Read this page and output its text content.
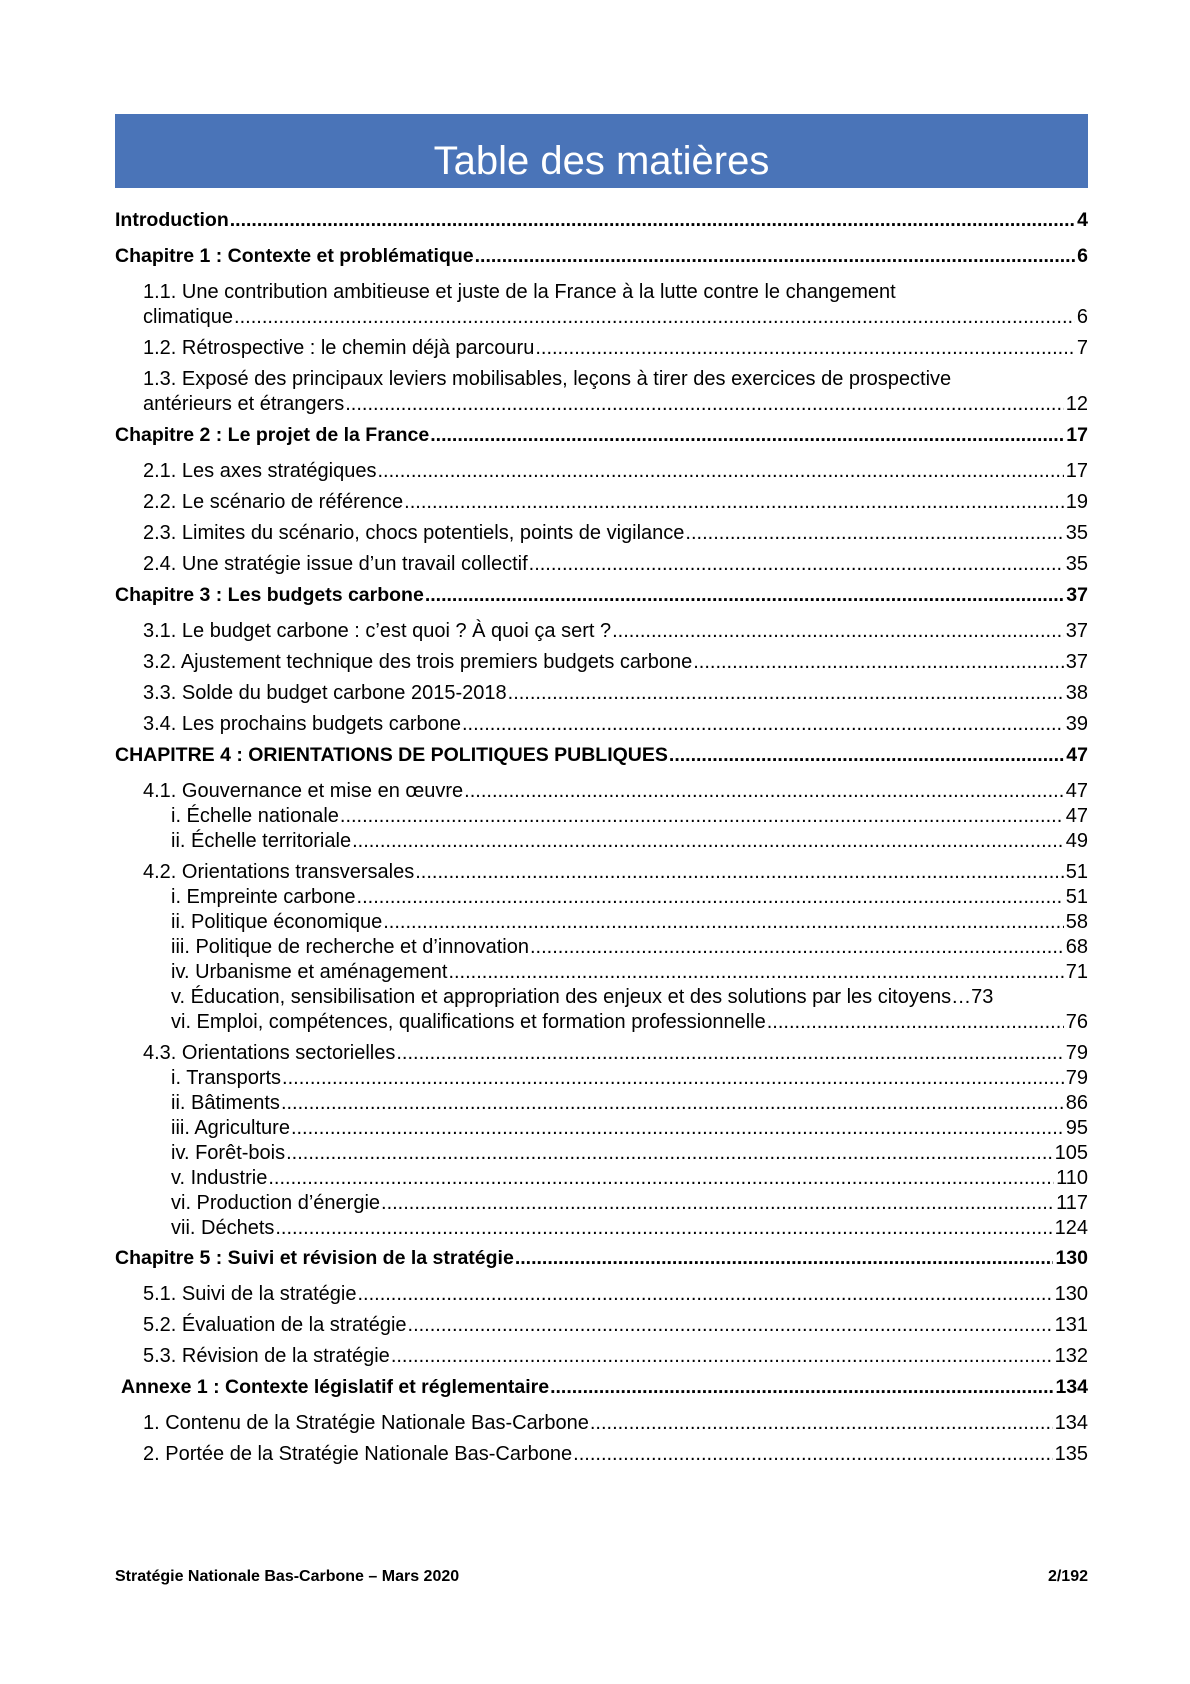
Table des matières
Introduction .....	4
Chapitre 1 : Contexte et problématique .....	6
1.1. Une contribution ambitieuse et juste de la France à la lutte contre le changement
climatique .....	6
1.2. Rétrospective : le chemin déjà parcouru .....	7
1.3. Exposé des principaux leviers mobilisables, leçons à tirer des exercices de prospective
antérieurs et étrangers .....	12
Chapitre 2 : Le projet de la France .....	17
2.1. Les axes stratégiques .....	17
2.2. Le scénario de référence .....	19
2.3. Limites du scénario, chocs potentiels, points de vigilance .....	35
2.4. Une stratégie issue d’un travail collectif .....	35
Chapitre 3 : Les budgets carbone .....	37
3.1. Le budget carbone : c’est quoi ? À quoi ça sert ? .....	37
3.2. Ajustement technique des trois premiers budgets carbone .....	37
3.3. Solde du budget carbone 2015-2018 .....	38
3.4. Les prochains budgets carbone .....	39
CHAPITRE 4 : ORIENTATIONS DE POLITIQUES PUBLIQUES .....	47
4.1. Gouvernance et mise en œuvre .....	47
i. Échelle nationale .....	47
ii. Échelle territoriale .....	49
4.2. Orientations transversales .....	51
i. Empreinte carbone .....	51
ii. Politique économique .....	58
iii. Politique de recherche et d’innovation .....	68
iv. Urbanisme et aménagement .....	71
v. Éducation, sensibilisation et appropriation des enjeux et des solutions par les citoyens… 73
vi. Emploi, compétences, qualifications et formation professionnelle .....	76
4.3. Orientations sectorielles .....	79
i. Transports .....	79
ii. Bâtiments .....	86
iii. Agriculture .....	95
iv. Forêt-bois .....	105
v. Industrie .....	110
vi. Production d’énergie .....	117
vii. Déchets .....	124
Chapitre 5 : Suivi et révision de la stratégie .....	130
5.1. Suivi de la stratégie .....	130
5.2. Évaluation de la stratégie .....	131
5.3. Révision de la stratégie .....	132
Annexe 1 : Contexte législatif et réglementaire .....	134
1. Contenu de la Stratégie Nationale Bas-Carbone .....	134
2. Portée de la Stratégie Nationale Bas-Carbone .....	135
Stratégie Nationale Bas-Carbone – Mars 2020	2/192
